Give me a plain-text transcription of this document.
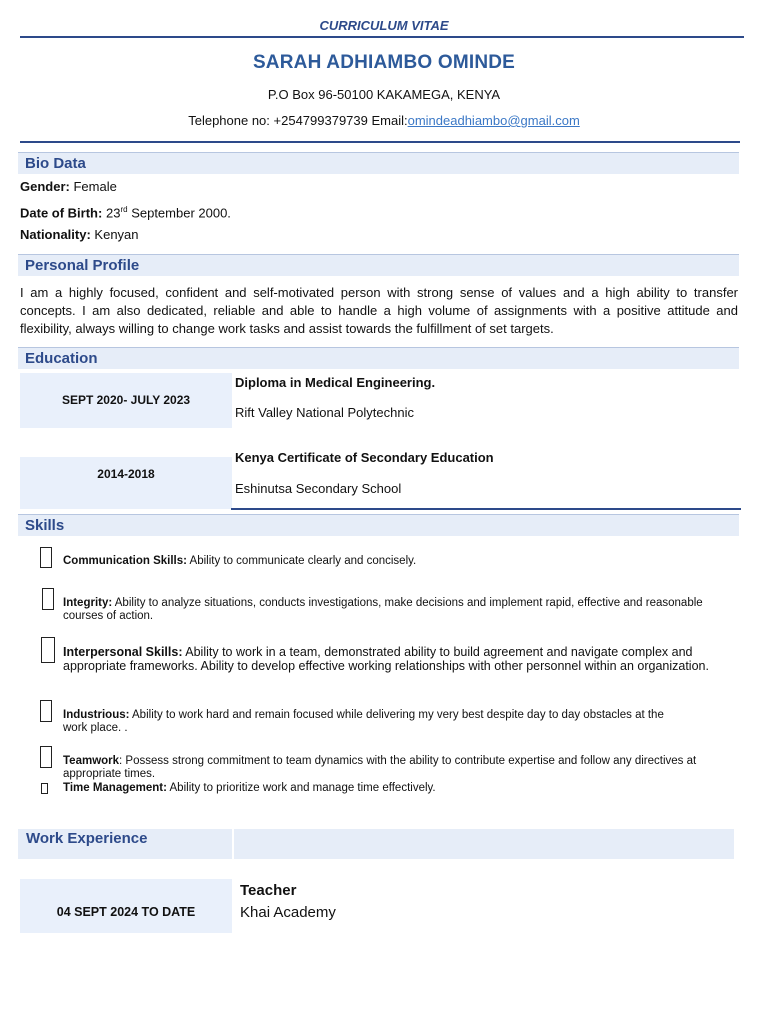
CURRICULUM VITAE
SARAH ADHIAMBO OMINDE
P.O Box 96-50100 KAKAMEGA, KENYA
Telephone no: +254799379739 Email:omindeadhiambo@gmail.com
Bio Data
Gender: Female
Date of Birth: 23rd September 2000.
Nationality: Kenyan
Personal Profile
I am a highly focused, confident and self-motivated person with strong sense of values and a high ability to transfer concepts. I am also dedicated, reliable and able to handle a high volume of assignments with a positive attitude and flexibility, always willing to change work tasks and assist towards the fulfillment of set targets.
Education
SEPT 2020- JULY 2023
Diploma in Medical Engineering.
Rift Valley National Polytechnic
2014-2018
Kenya Certificate of Secondary Education
Eshinutsa Secondary School
Skills
Communication Skills: Ability to communicate clearly and concisely.
Integrity: Ability to analyze situations, conducts investigations, make decisions and implement rapid, effective and reasonable courses of action.
Interpersonal Skills: Ability to work in a team, demonstrated ability to build agreement and navigate complex and appropriate frameworks. Ability to develop effective working relationships with other personnel within an organization.
Industrious: Ability to work hard and remain focused while delivering my very best despite day to day obstacles at the work place. .
Teamwork: Possess strong commitment to team dynamics with the ability to contribute expertise and follow any directives at appropriate times.
Time Management: Ability to prioritize work and manage time effectively.
Work Experience
04 SEPT 2024 TO DATE
Teacher
Khai Academy
